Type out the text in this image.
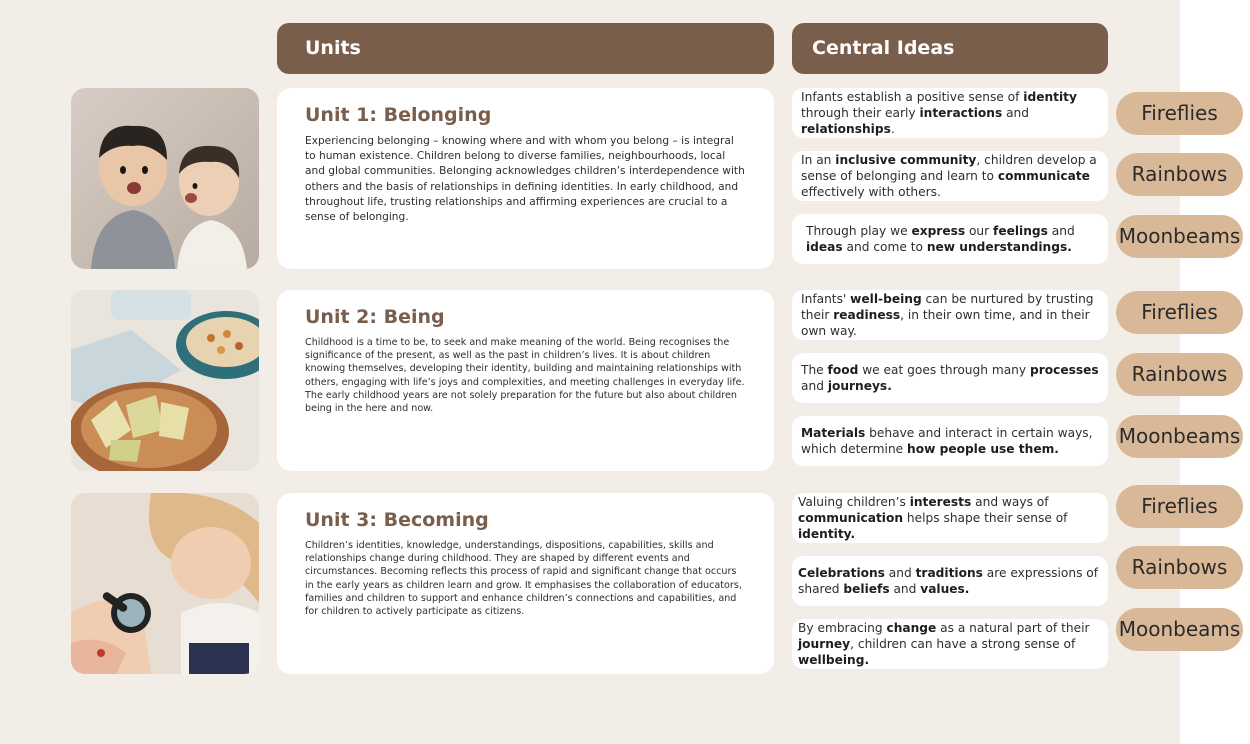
Units	Central Ideas
Unit 1: Belonging

Experiencing belonging – knowing where and with whom you belong – is integral to human existence. Children belong to diverse families, neighbourhoods, local and global communities. Belonging acknowledges children’s interdependence with others and the basis of relationships in defining identities. In early childhood, and throughout life, trusting relationships and affirming experiences are crucial to a sense of belonging.

Unit 2: Being

Childhood is a time to be, to seek and make meaning of the world. Being recognises the significance of the present, as well as the past in children’s lives. It is about children knowing themselves, developing their identity, building and maintaining relationships with others, engaging with life’s joys and complexities, and meeting challenges in everyday life. The early childhood years are not solely preparation for the future but also about children being in the here and now.

Unit 3: Becoming

Children’s identities, knowledge, understandings, dispositions, capabilities, skills and relationships change during childhood. They are shaped by different events and circumstances. Becoming reflects this process of rapid and significant change that occurs in the early years as children learn and grow. It emphasises the collaboration of educators, families and children to support and enhance children’s connections and capabilities, and for children to actively participate as citizens.

Infants establish a positive sense of identity through their early interactions and relationships.
In an inclusive community, children develop a sense of belonging and learn to communicate effectively with others.
Through play we express our feelings and ideas and come to new understandings.
Infants' well-being can be nurtured by trusting their readiness, in their own time, and in their own way.
The food we eat goes through many processes and journeys.
Materials behave and interact in certain ways, which determine how people use them.
Valuing children’s interests and ways of communication helps shape their sense of identity.
Celebrations and traditions are expressions of shared beliefs and values.
By embracing change as a natural part of their journey, children can have a strong sense of wellbeing.
Fireflies
Rainbows
Moonbeams
Fireflies
Rainbows
Moonbeams
Fireflies
Rainbows
Moonbeams
